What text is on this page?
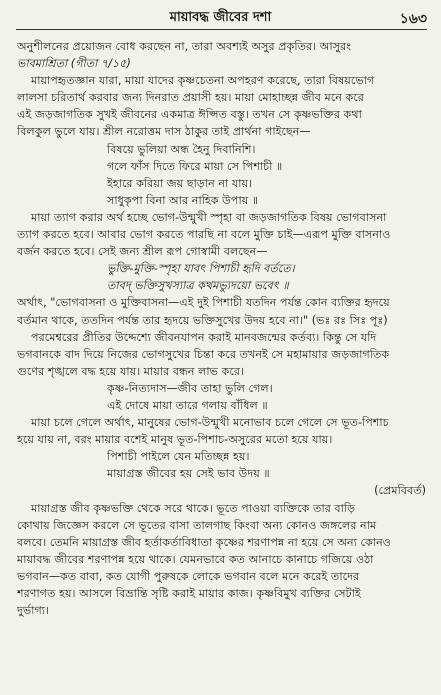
মায়াবদ্ধ জীবের দশা	১৬৩
অনুশীলনের প্রয়োজন বোধ করছেন না, তারা অবশ্যই অসুর প্রকৃতির। আসুরং
ভাবমাশ্রিতা (গীতা ৭/১৫)
মায়াপহৃতজ্ঞান যারা, মায়া যাদের কৃষ্ণচেতনা অপহরণ করেছে, তারা বিষয়ভোগ
লালসা চরিতার্থ করবার জন্য দিনরাত প্রয়াসী হয়। মায়া মোহাচ্ছন্ন জীব মনে করে
এই জড়জাগতিক সুখই জীবনের একমাত্র ঈপ্সিত বস্তু। তখন সে কৃষ্ণভক্তির কথা
বিলকুল ভুলে যায়। শ্রীল নরোত্তম দাস ঠাকুর তাই প্রার্থনা গাইছেন—
বিষয়ে ভুলিয়া অন্ধ হৈনু দিবানিশি।
গলে ফাঁস দিতে ফিরে মায়া সে পিশাচী ॥
ইহারে করিয়া জয় ছাড়ান না যায়।
সাধুকৃপা বিনা আর নাহিক উপায় ॥
মায়া ত্যাগ করার অর্থ হচ্ছে ভোগ-উন্মুখী স্পৃহা বা জড়জাগতিক বিষয় ভোগবাসনা
ত্যাগ করতে হবে। আবার ভোগ করতে পারছি না বলে মুক্তি চাই—এরূপ মুক্তি বাসনাও
বর্জন করতে হবে। সেই জন্য শ্রীল রূপ গোস্বামী বলছেন—
ভুক্তি-মুক্তি-স্পৃহা যাবৎ পিশাচী হৃদি বর্ততে।
তাবদ্ ভক্তিসুখস্যাত্র কথমভ্যুদয়ো ভবেৎ ॥
অর্থাৎ, "ভোগবাসনা ও মুক্তিবাসনা—এই দুই পিশাচী যতদিন পর্যন্ত কোন ব্যক্তির হৃদয়ে
বর্তমান থাকে, ততদিন পর্যন্ত তার হৃদয়ে ভক্তিসুখের উদয় হবে না।" (ভঃ রঃ সিঃ পূঃ)
পরমেশ্বরের প্রীতির উদ্দেশ্যে জীবনযাপন করাই মানবজন্মের কর্তব্য। কিন্তু সে যদি
ভগবানকে বাদ দিয়ে নিজের ভোগসুখের চিন্তা করে তখনই সে মহামায়ার জড়জাগতিক
গুণের শৃঙ্খলে বদ্ধ হয়ে যায়। মায়ার বন্ধন লাভ করে।
কৃষ্ণ-নিত্যদাস—জীব তাহা ভুলি গেল।
এই দোষে মায়া তারে গলায় বাঁধিল ॥
মায়া চলে গেলে অর্থাৎ, মানুষের ভোগ-উন্মুখী মনোভাব চলে গেলে সে ভূত-পিশাচ
হয়ে যায় না, বরং মায়ার বশেই মানুষ ভূত-পিশাচ-অসুরের মতো হয়ে যায়।
পিশাচী পাইলে যেন মতিচ্ছন্ন হয়।
মায়াগ্রস্ত জীবের হয় সেই ভাব উদয় ॥
(প্রেমবিবর্ত)
মায়াগ্রস্ত জীব কৃষ্ণভক্তি থেকে সরে থাকে। ভূতে পাওয়া ব্যক্তিকে তার বাড়ি
কোথায় জিজ্ঞেস করলে সে ভূতের বাসা তালগাছ কিংবা অন্য কোনও জঙ্গলের নাম
বলবে। তেমনি মায়াগ্রস্ত জীব হর্তাকর্তাবিধাতা কৃষ্ণের শরণাপন্ন না হয়ে সে অন্য কোনও
মায়াবদ্ধ জীবের শরণাপন্ন হয়ে থাকে। যেমনভাবে কত আনাচে কানাচে গজিয়ে ওঠা
ভগবান—কত বাবা, কত যোগী পুরুষকে লোকে ভগবান বলে মনে করেই তাদের
শরণাগত হয়। আসলে বিভ্রান্তি সৃষ্টি করাই মায়ার কাজ। কৃষ্ণবিমুখ ব্যক্তির সেটাই
দুর্ভাগ্য।
